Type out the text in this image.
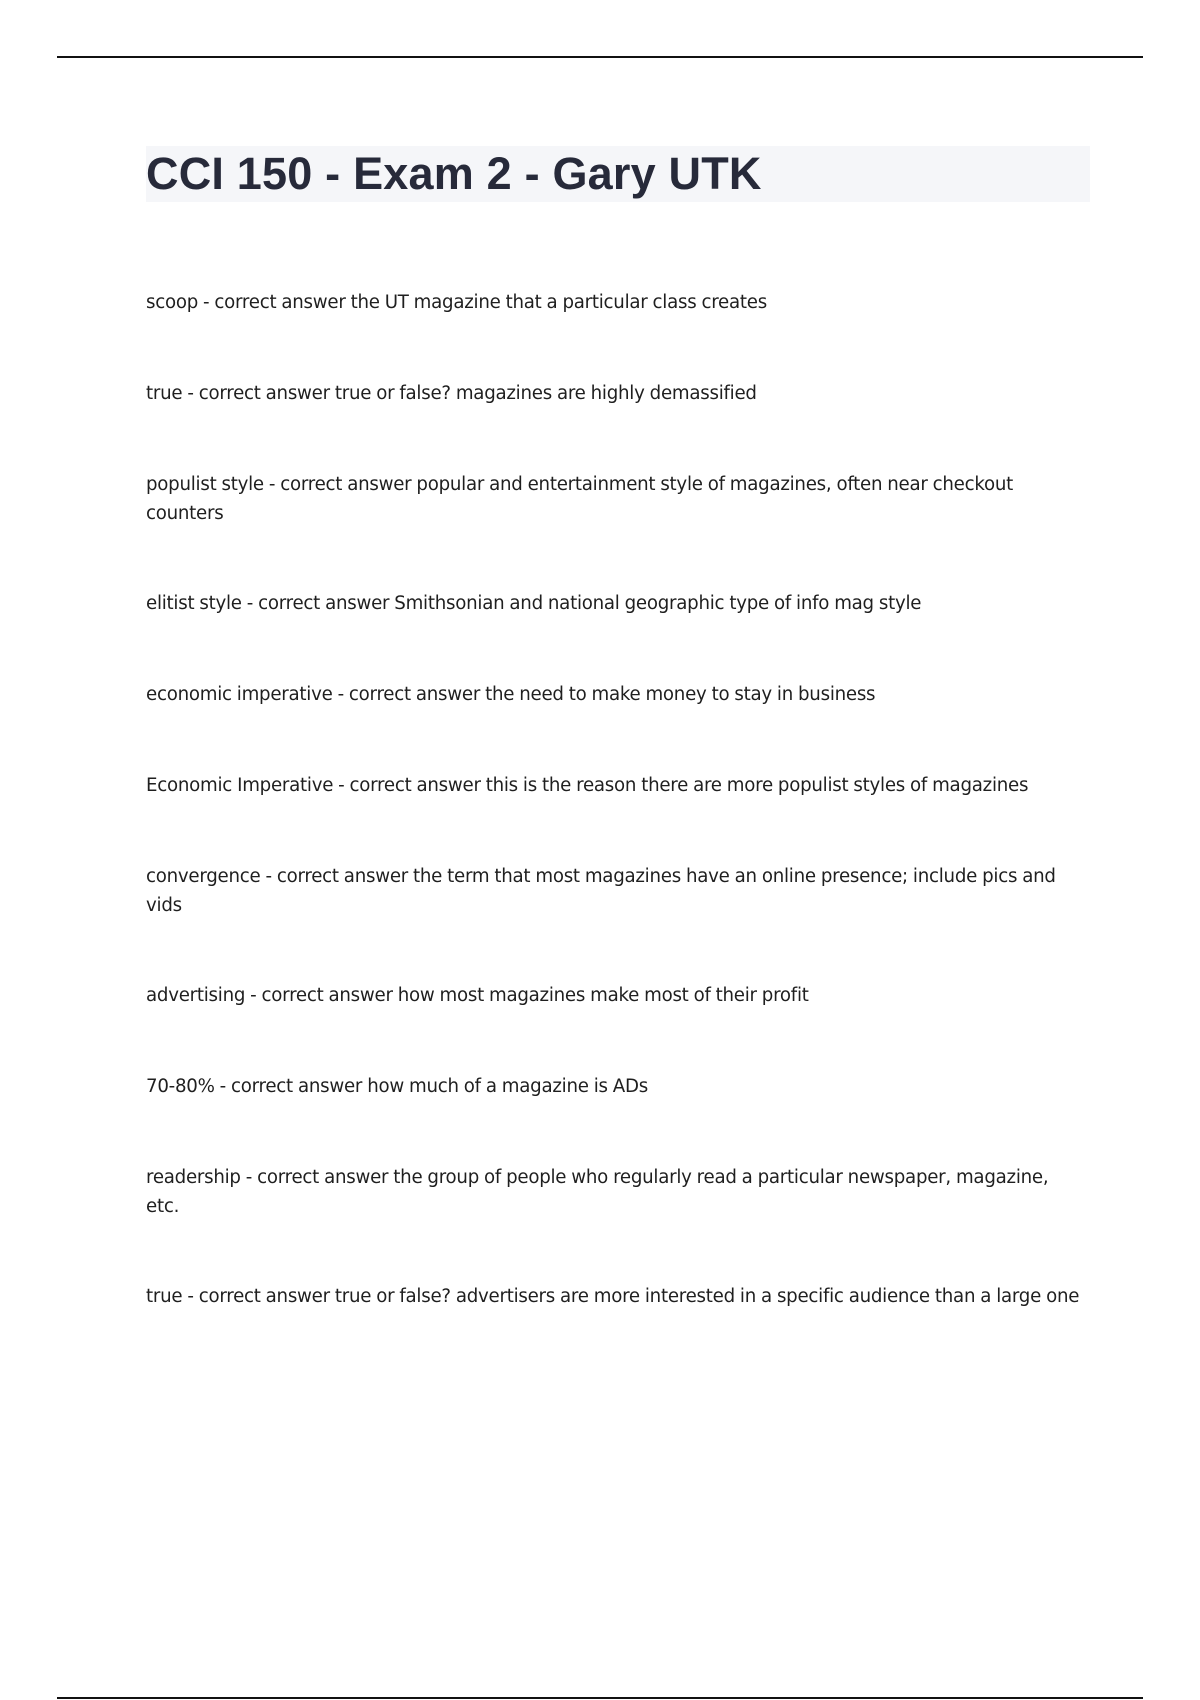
CCI 150 - Exam 2 - Gary UTK
scoop - correct answer the UT magazine that a particular class creates
true - correct answer true or false? magazines are highly demassified
populist style - correct answer popular and entertainment style of magazines, often near checkout counters
elitist style - correct answer Smithsonian and national geographic type of info mag style
economic imperative - correct answer the need to make money to stay in business
Economic Imperative - correct answer this is the reason there are more populist styles of magazines
convergence - correct answer the term that most magazines have an online presence; include pics and vids
advertising - correct answer how most magazines make most of their profit
70-80% - correct answer how much of a magazine is ADs
readership - correct answer the group of people who regularly read a particular newspaper, magazine, etc.
true - correct answer true or false? advertisers are more interested in a specific audience than a large one
